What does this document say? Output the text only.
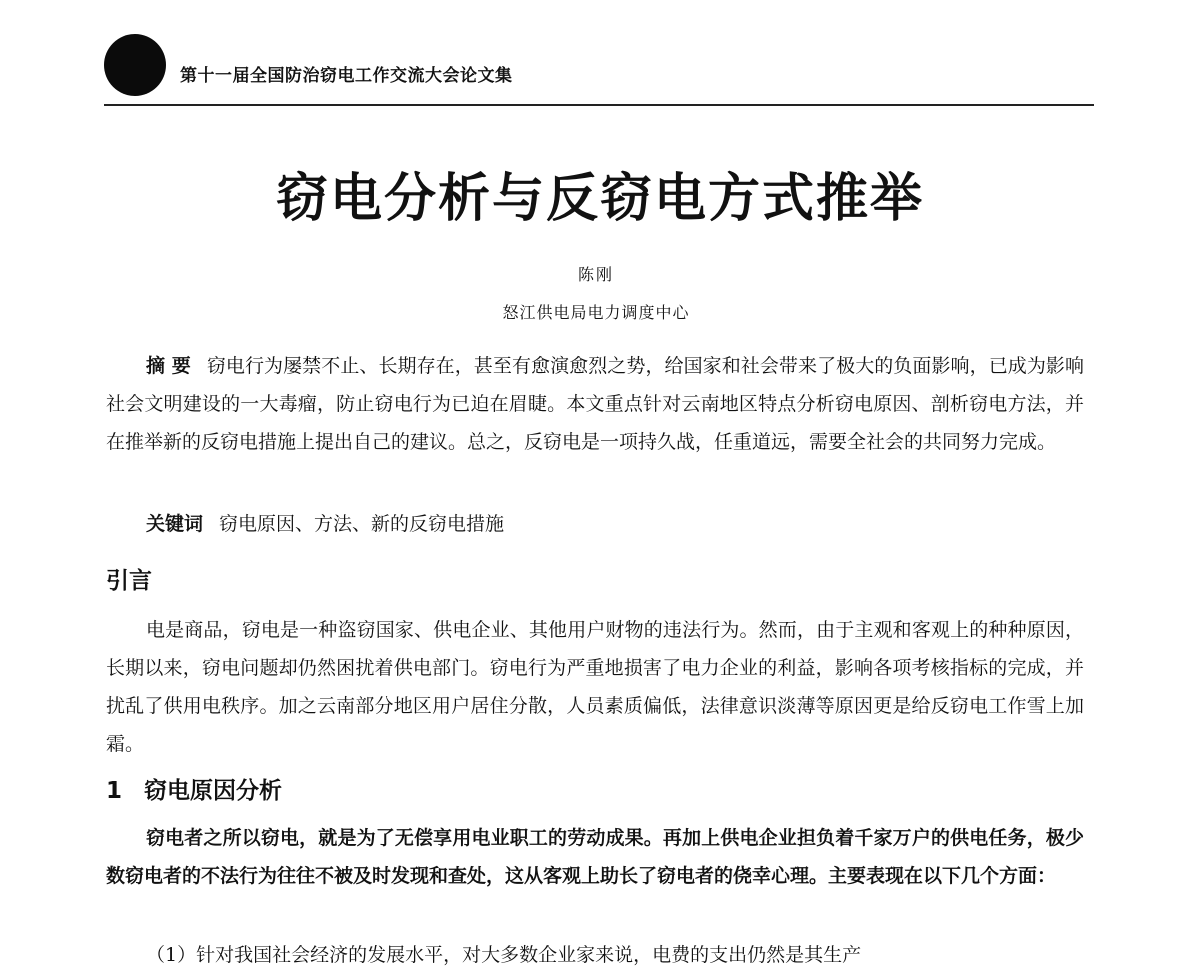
第十一届全国防治窃电工作交流大会论文集
窃电分析与反窃电方式推举
陈刚
怒江供电局电力调度中心

摘 要 窃电行为屡禁不止、长期存在，甚至有愈演愈烈之势，给国家和社会带来了极大的负面影响，已成为影响社会文明建设的一大毒瘤，防止窃电行为已迫在眉睫。本文重点针对云南地区特点分析窃电原因、剖析窃电方法，并在推举新的反窃电措施上提出自己的建议。总之，反窃电是一项持久战，任重道远，需要全社会的共同努力完成。

关键词 窃电原因、方法、新的反窃电措施

引言

电是商品，窃电是一种盗窃国家、供电企业、其他用户财物的违法行为。然而，由于主观和客观上的种种原因，长期以来，窃电问题却仍然困扰着供电部门。窃电行为严重地损害了电力企业的利益，影响各项考核指标的完成，并扰乱了供用电秩序。加之云南部分地区用户居住分散，人员素质偏低，法律意识淡薄等原因更是给反窃电工作雪上加霜。

1 窃电原因分析

窃电者之所以窃电，就是为了无偿享用电业职工的劳动成果。再加上供电企业担负着千家万户的供电任务，极少数窃电者的不法行为往往不被及时发现和查处，这从客观上助长了窃电者的侥幸心理。主要表现在以下几个方面：

（1）针对我国社会经济的发展水平，对大多数企业家来说，电费的支出仍然是其生产
